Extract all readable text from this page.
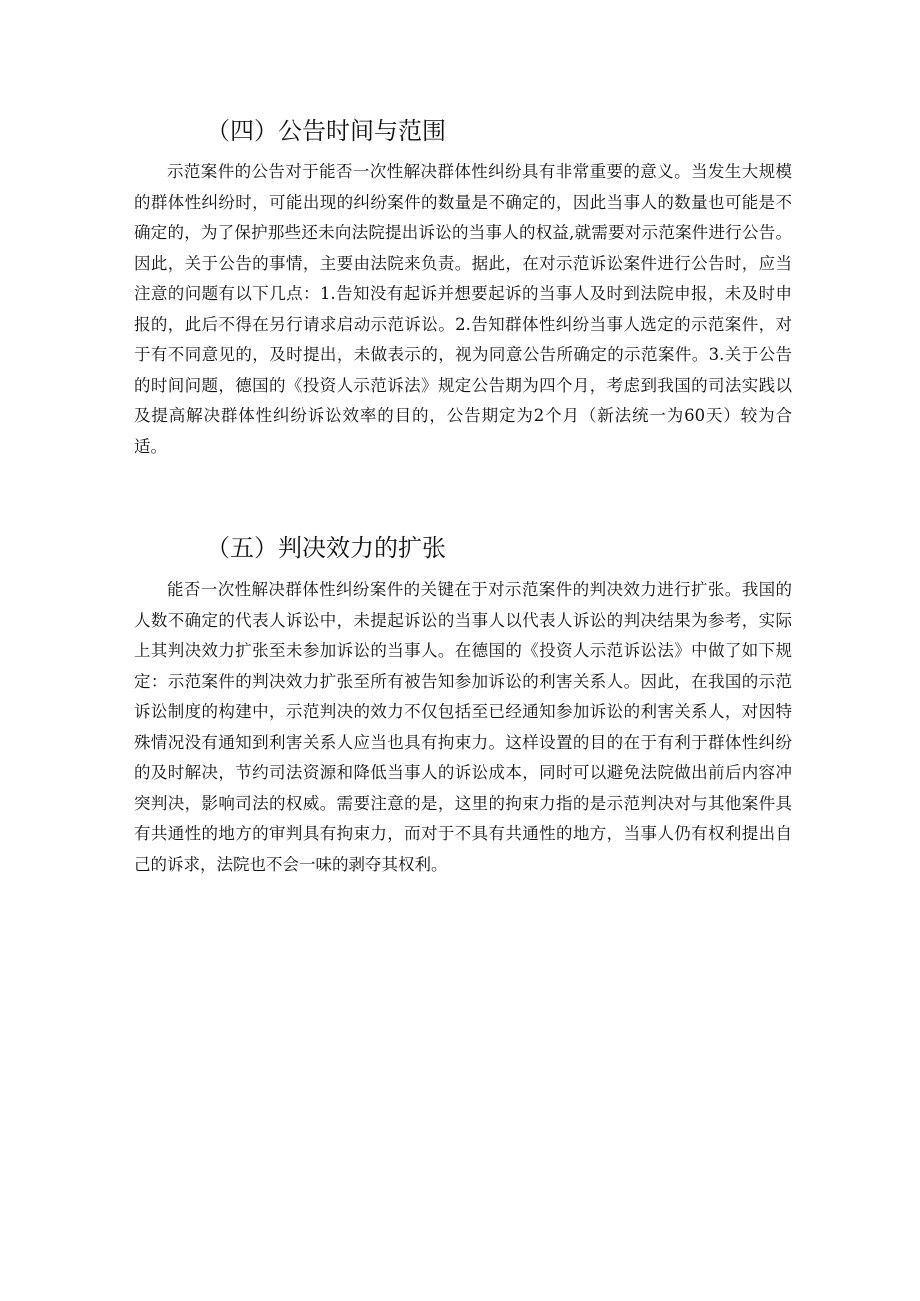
（四）公告时间与范围

示范案件的公告对于能否一次性解决群体性纠纷具有非常重要的意义。当发生大规模的群体性纠纷时，可能出现的纠纷案件的数量是不确定的，因此当事人的数量也可能是不确定的，为了保护那些还未向法院提出诉讼的当事人的权益,就需要对示范案件进行公告。因此，关于公告的事情，主要由法院来负责。据此，在对示范诉讼案件进行公告时，应当注意的问题有以下几点：1.告知没有起诉并想要起诉的当事人及时到法院申报，未及时申报的，此后不得在另行请求启动示范诉讼。2.告知群体性纠纷当事人选定的示范案件，对于有不同意见的，及时提出，未做表示的，视为同意公告所确定的示范案件。3.关于公告的时间问题，德国的《投资人示范诉法》规定公告期为四个月，考虑到我国的司法实践以及提高解决群体性纠纷诉讼效率的目的，公告期定为2个月（新法统一为60天）较为合适。

（五）判决效力的扩张

能否一次性解决群体性纠纷案件的关键在于对示范案件的判决效力进行扩张。我国的人数不确定的代表人诉讼中，未提起诉讼的当事人以代表人诉讼的判决结果为参考，实际上其判决效力扩张至未参加诉讼的当事人。在德国的《投资人示范诉讼法》中做了如下规定：示范案件的判决效力扩张至所有被告知参加诉讼的利害关系人。因此，在我国的示范诉讼制度的构建中，示范判决的效力不仅包括至已经通知参加诉讼的利害关系人，对因特殊情况没有通知到利害关系人应当也具有拘束力。这样设置的目的在于有利于群体性纠纷的及时解决，节约司法资源和降低当事人的诉讼成本，同时可以避免法院做出前后内容冲突判决，影响司法的权威。需要注意的是，这里的拘束力指的是示范判决对与其他案件具有共通性的地方的审判具有拘束力，而对于不具有共通性的地方，当事人仍有权利提出自己的诉求，法院也不会一味的剥夺其权利。
